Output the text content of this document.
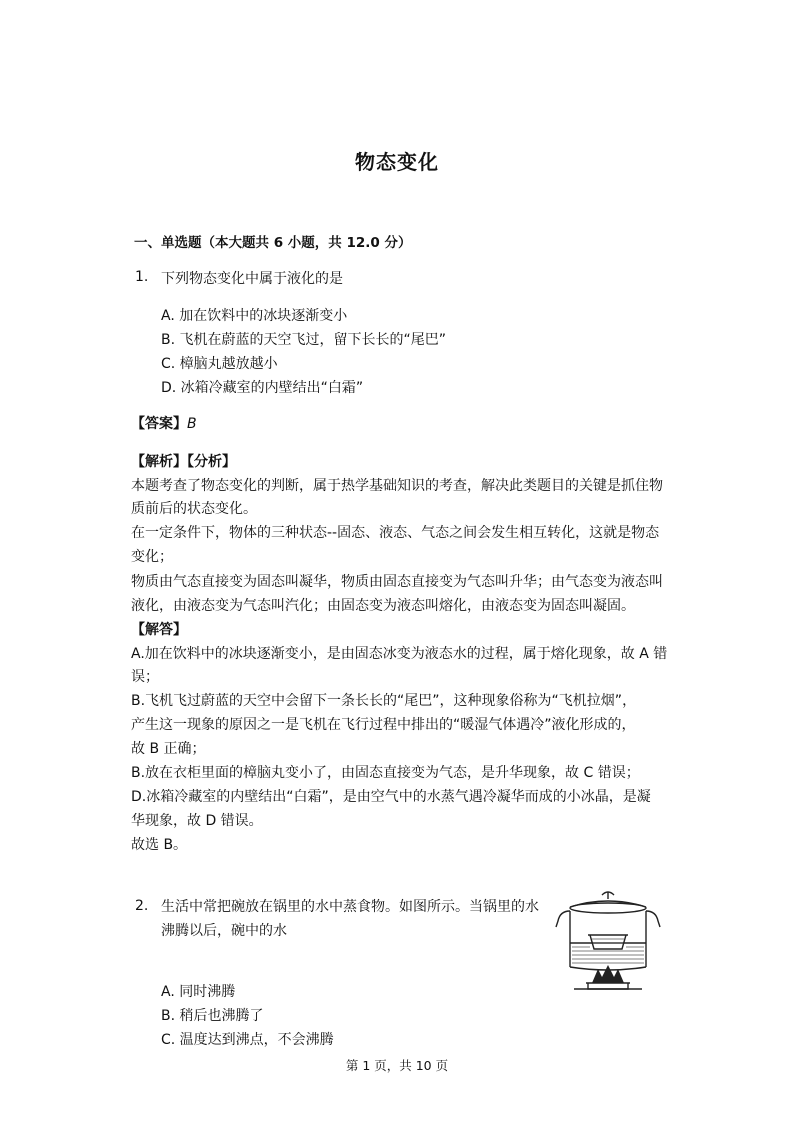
物态变化
一、单选题（本大题共 6 小题，共 12.0 分）
1. 下列物态变化中属于液化的是
A. 加在饮料中的冰块逐渐变小
B. 飞机在蔚蓝的天空飞过，留下长长的“尾巴”
C. 樟脑丸越放越小
D. 冰箱冷藏室的内壁结出“白霜”
【答案】B
【解析】【分析】
本题考查了物态变化的判断，属于热学基础知识的考查，解决此类题目的关键是抓住物
质前后的状态变化。
在一定条件下，物体的三种状态--固态、液态、气态之间会发生相互转化，这就是物态
变化；
物质由气态直接变为固态叫凝华，物质由固态直接变为气态叫升华；由气态变为液态叫
液化，由液态变为气态叫汽化；由固态变为液态叫熔化，由液态变为固态叫凝固。
【解答】
A.加在饮料中的冰块逐渐变小，是由固态冰变为液态水的过程，属于熔化现象，故 A 错
误；
B.飞机飞过蔚蓝的天空中会留下一条长长的“尾巴”，这种现象俗称为“飞机拉烟”，
产生这一现象的原因之一是飞机在飞行过程中排出的“暖湿气体遇冷”液化形成的，
故 B 正确；
B.放在衣柜里面的樟脑丸变小了，由固态直接变为气态，是升华现象，故 C 错误；
D.冰箱冷藏室的内壁结出“白霜”，是由空气中的水蒸气遇冷凝华而成的小冰晶，是凝
华现象，故 D 错误。
故选 B。
2. 生活中常把碗放在锅里的水中蒸食物。如图所示。当锅里的水
沸腾以后，碗中的水
A. 同时沸腾
B. 稍后也沸腾了
C. 温度达到沸点，不会沸腾
第 1 页，共 10 页
